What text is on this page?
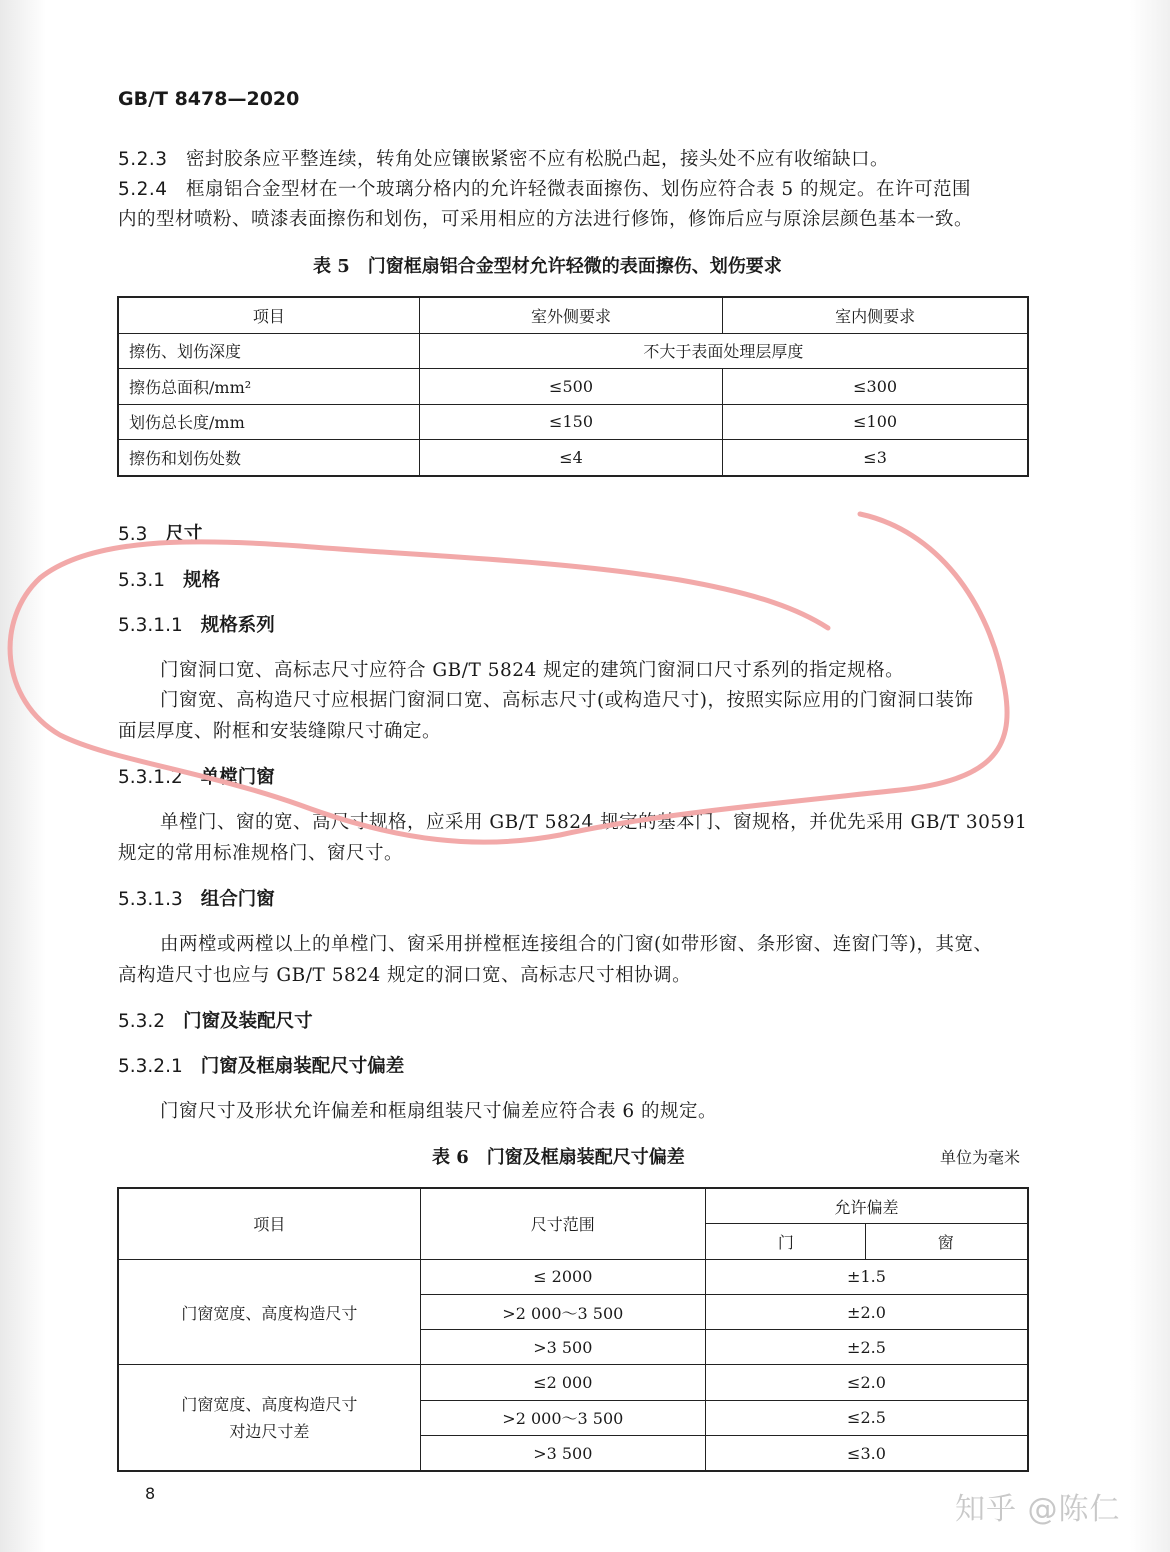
GB/T 8478—2020
5.2.3 密封胶条应平整连续，转角处应镶嵌紧密不应有松脱凸起，接头处不应有收缩缺口。
5.2.4 框扇铝合金型材在一个玻璃分格内的允许轻微表面擦伤、划伤应符合表 5 的规定。在许可范围
内的型材喷粉、喷漆表面擦伤和划伤，可采用相应的方法进行修饰，修饰后应与原涂层颜色基本一致。
表 5 门窗框扇铝合金型材允许轻微的表面擦伤、划伤要求
项目	室外侧要求	室内侧要求
擦伤、划伤深度	不大于表面处理层厚度	
擦伤总面积/mm²	≤500	≤300
划伤总长度/mm	≤150	≤100
擦伤和划伤处数	≤4	≤3
5.3 尺寸
5.3.1 规格
5.3.1.1 规格系列
门窗洞口宽、高标志尺寸应符合 GB/T 5824 规定的建筑门窗洞口尺寸系列的指定规格。
门窗宽、高构造尺寸应根据门窗洞口宽、高标志尺寸(或构造尺寸)，按照实际应用的门窗洞口装饰
面层厚度、附框和安装缝隙尺寸确定。
5.3.1.2 单樘门窗
单樘门、窗的宽、高尺寸规格，应采用 GB/T 5824 规定的基本门、窗规格，并优先采用 GB/T 30591
规定的常用标准规格门、窗尺寸。
5.3.1.3 组合门窗
由两樘或两樘以上的单樘门、窗采用拼樘框连接组合的门窗(如带形窗、条形窗、连窗门等)，其宽、
高构造尺寸也应与 GB/T 5824 规定的洞口宽、高标志尺寸相协调。
5.3.2 门窗及装配尺寸
5.3.2.1 门窗及框扇装配尺寸偏差
门窗尺寸及形状允许偏差和框扇组装尺寸偏差应符合表 6 的规定。
表 6 门窗及框扇装配尺寸偏差	单位为毫米
项目	尺寸范围	允许偏差	
		门	窗
门窗宽度、高度构造尺寸	≤ 2000	±1.5	
	>2 000～3 500	±2.0	
	>3 500	±2.5	
门窗宽度、高度构造尺寸
对边尺寸差	≤2 000	≤2.0	
	>2 000～3 500	≤2.5	
	>3 500	≤3.0	
8	知乎 @陈仁
